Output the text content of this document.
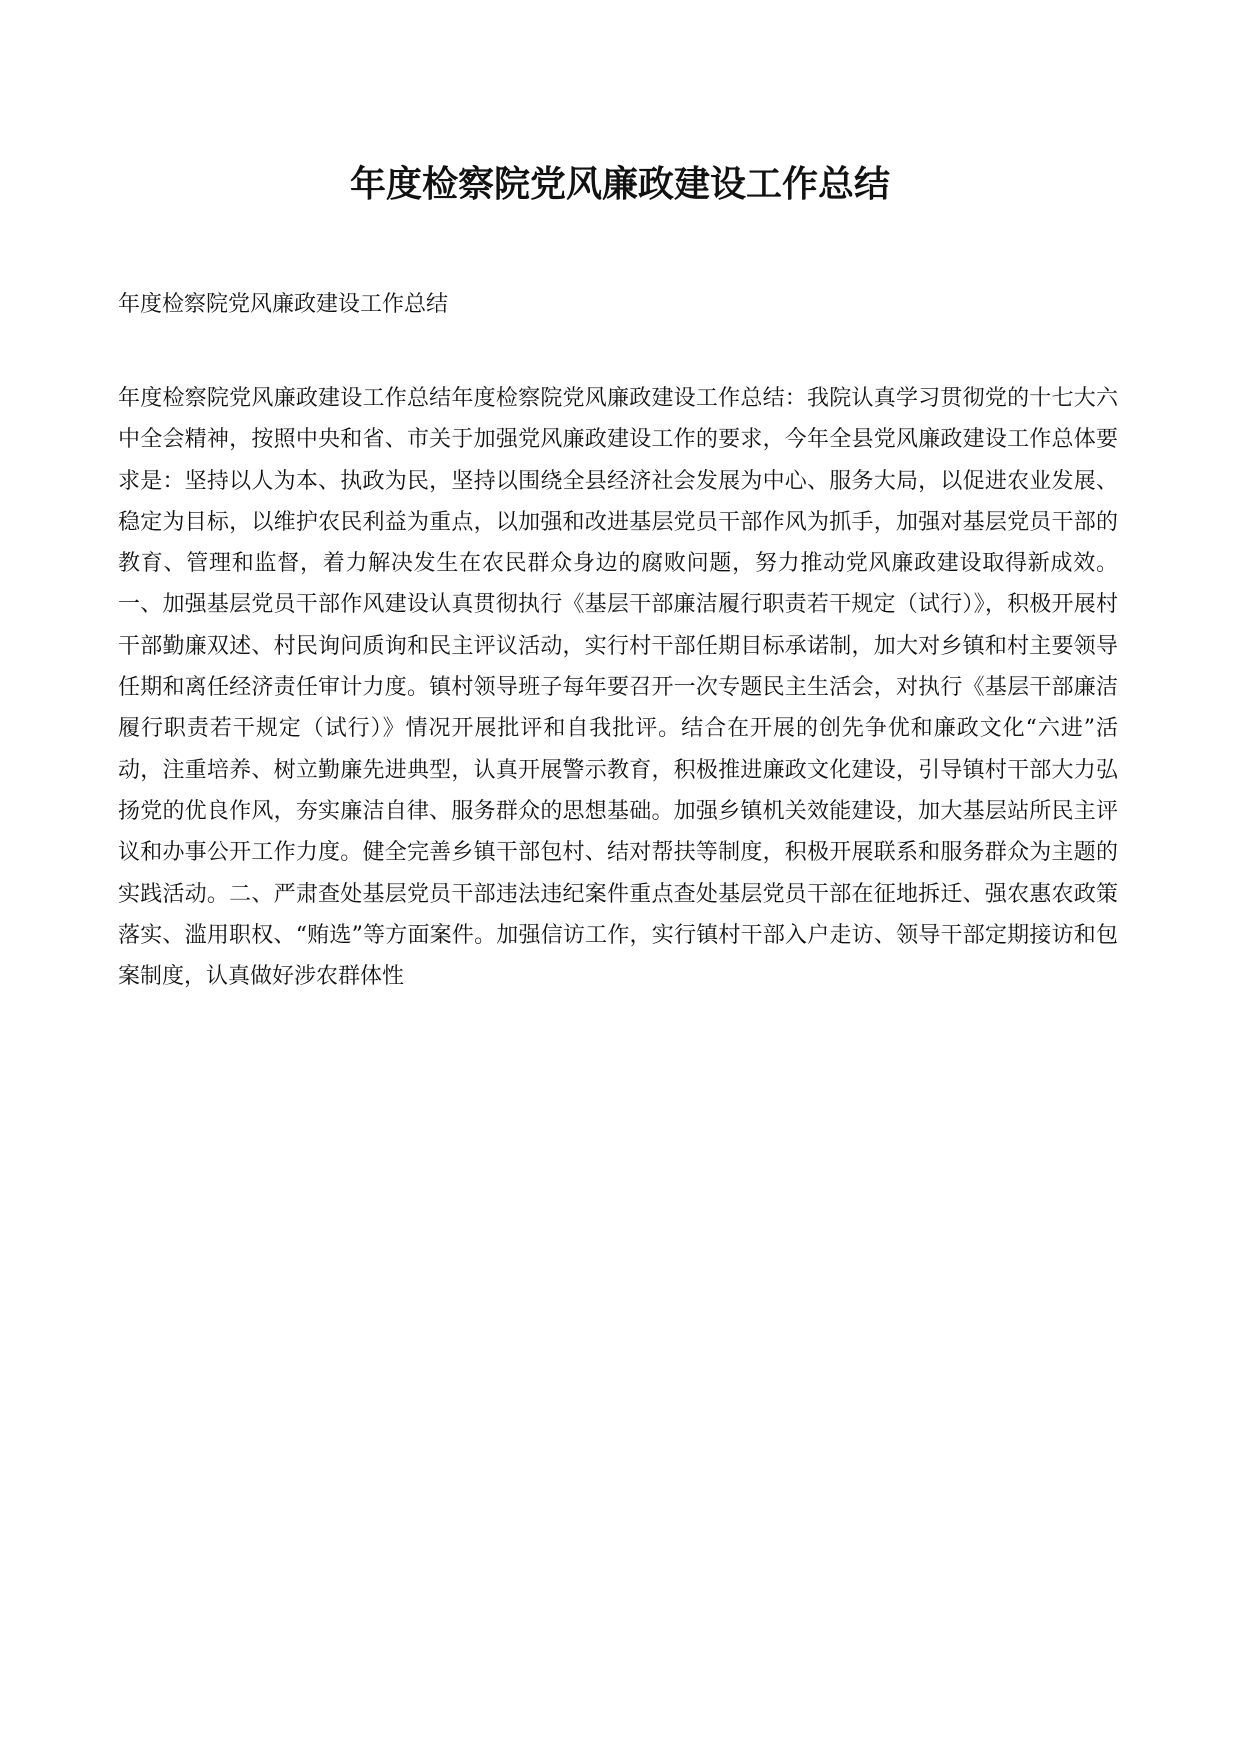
年度检察院党风廉政建设工作总结

年度检察院党风廉政建设工作总结

年度检察院党风廉政建设工作总结年度检察院党风廉政建设工作总结：我院认真学习贯彻党的十七大六中全会精神，按照中央和省、市关于加强党风廉政建设工作的要求，今年全县党风廉政建设工作总体要求是：坚持以人为本、执政为民，坚持以围绕全县经济社会发展为中心、服务大局，以促进农业发展、稳定为目标，以维护农民利益为重点，以加强和改进基层党员干部作风为抓手，加强对基层党员干部的教育、管理和监督，着力解决发生在农民群众身边的腐败问题，努力推动党风廉政建设取得新成效。一、加强基层党员干部作风建设认真贯彻执行《基层干部廉洁履行职责若干规定（试行）》，积极开展村干部勤廉双述、村民询问质询和民主评议活动，实行村干部任期目标承诺制，加大对乡镇和村主要领导任期和离任经济责任审计力度。镇村领导班子每年要召开一次专题民主生活会，对执行《基层干部廉洁履行职责若干规定（试行）》情况开展批评和自我批评。结合在开展的创先争优和廉政文化“六进”活动，注重培养、树立勤廉先进典型，认真开展警示教育，积极推进廉政文化建设，引导镇村干部大力弘扬党的优良作风，夯实廉洁自律、服务群众的思想基础。加强乡镇机关效能建设，加大基层站所民主评议和办事公开工作力度。健全完善乡镇干部包村、结对帮扶等制度，积极开展联系和服务群众为主题的实践活动。二、严肃查处基层党员干部违法违纪案件重点查处基层党员干部在征地拆迁、强农惠农政策落实、滥用职权、“贿选”等方面案件。加强信访工作，实行镇村干部入户走访、领导干部定期接访和包案制度，认真做好涉农群体性
